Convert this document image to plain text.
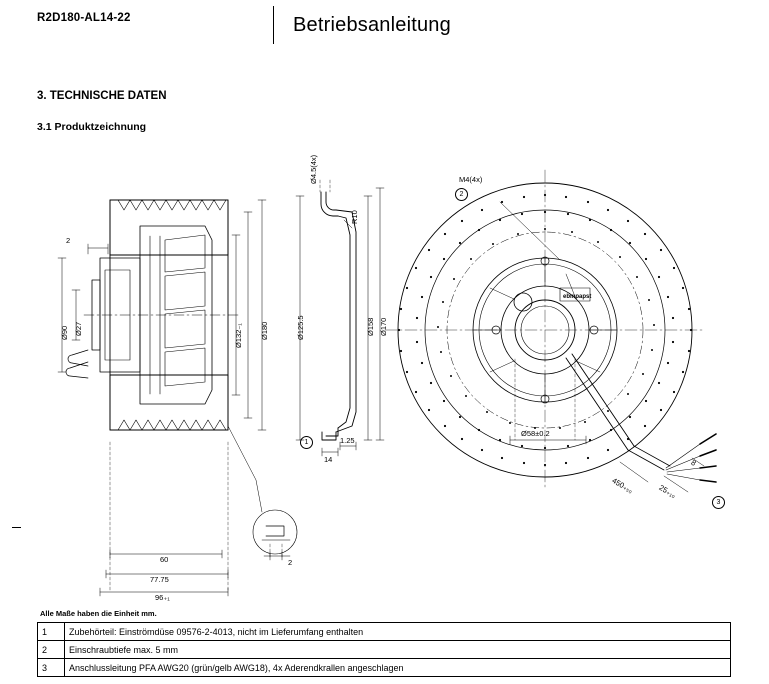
R2D180-AL14-22	Betriebsanleitung
3. TECHNISCHE DATEN
3.1 Produktzeichnung
ebmpapst
Ø90 Ø27	Ø132₋₁ Ø180
2
60
77.75
96₊₁
2
Ø4.5(4x)
R10
Ø125.5	Ø158 Ø170
14
1.25
M4(4x)
Ø58±0.2
450₊₅₀	25₊₁₀
8
1
2
3
Alle Maße haben die Einheit mm.
1	Zubehörteil: Einströmdüse 09576-2-4013, nicht im Lieferumfang enthalten
2	Einschraubtiefe max. 5 mm
3	Anschlussleitung PFA AWG20 (grün/gelb AWG18), 4x Aderendkrallen angeschlagen
